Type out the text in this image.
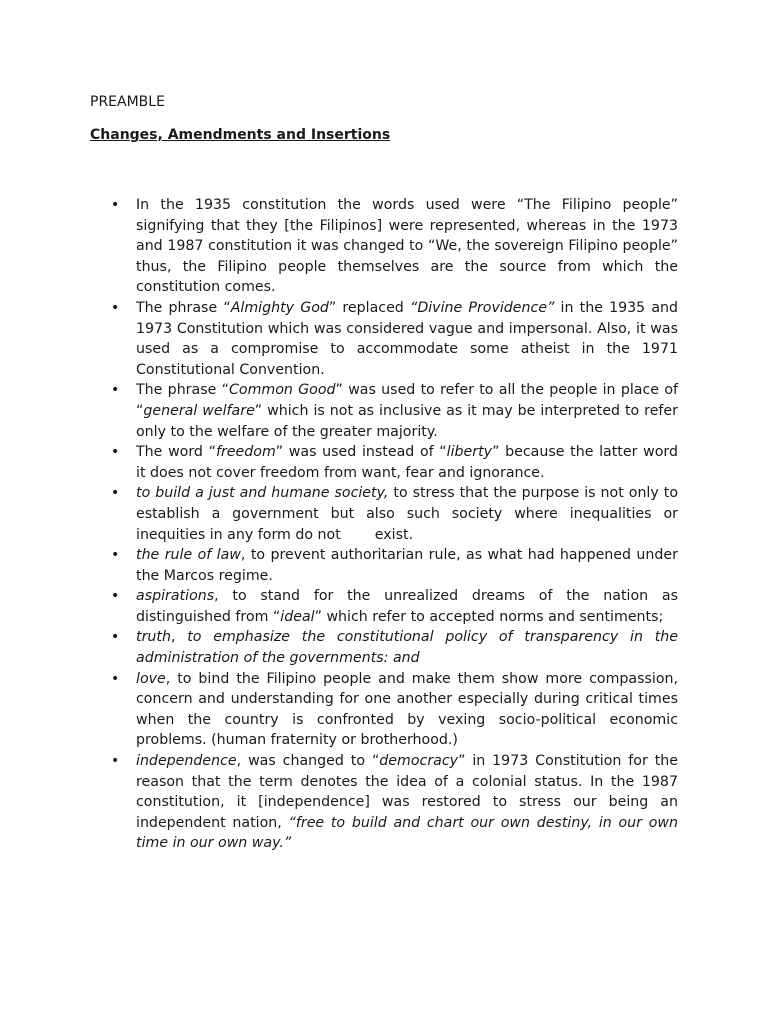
PREAMBLE
Changes, Amendments and Insertions
• In the 1935 constitution the words used were “The Filipino people” signifying that they [the Filipinos] were represented, whereas in the 1973 and 1987 constitution it was changed to “We, the sovereign Filipino people” thus, the Filipino people themselves are the source from which the constitution comes.
• The phrase “Almighty God” replaced “Divine Providence” in the 1935 and 1973 Constitution which was considered vague and impersonal. Also, it was used as a compromise to accommodate some atheist in the 1971 Constitutional Convention.
• The phrase “Common Good” was used to refer to all the people in place of “general welfare” which is not as inclusive as it may be interpreted to refer only to the welfare of the greater majority.
• The word “freedom” was used instead of “liberty” because the latter word it does not cover freedom from want, fear and ignorance.
• to build a just and humane society, to stress that the purpose is not only to establish a government but also such society where inequalities or inequities in any form do not exist.
• the rule of law, to prevent authoritarian rule, as what had happened under the Marcos regime.
• aspirations, to stand for the unrealized dreams of the nation as distinguished from “ideal” which refer to accepted norms and sentiments;
• truth, to emphasize the constitutional policy of transparency in the administration of the governments: and
• love, to bind the Filipino people and make them show more compassion, concern and understanding for one another especially during critical times when the country is confronted by vexing socio-political economic problems. (human fraternity or brotherhood.)
• independence, was changed to “democracy” in 1973 Constitution for the reason that the term denotes the idea of a colonial status. In the 1987 constitution, it [independence] was restored to stress our being an independent nation, “free to build and chart our own destiny, in our own time in our own way.”
